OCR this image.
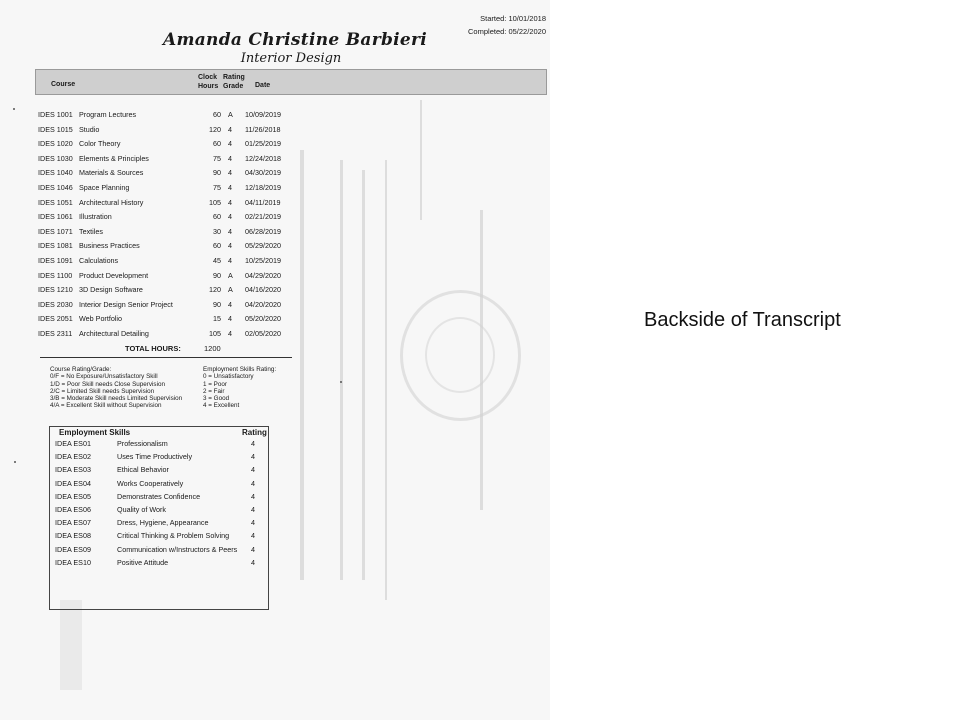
Started: 10/01/2018
Completed: 05/22/2020
Amanda Christine Barbieri
Interior Design
Course
Clock
Hours
Rating
Grade Date
IDES 1001 Program Lectures	60 A 10/09/2019
IDES 1015 Studio	120 4 11/26/2018
IDES 1020 Color Theory	60 4 01/25/2019
IDES 1030 Elements & Principles	75 4 12/24/2018
IDES 1040 Materials & Sources	90 4 04/30/2019
IDES 1046 Space Planning	75 4 12/18/2019
IDES 1051 Architectural History	105 4 04/11/2019
IDES 1061 Illustration	60 4 02/21/2019
IDES 1071 Textiles	30 4 06/28/2019
IDES 1081 Business Practices	60 4 05/29/2020
IDES 1091 Calculations	45 4 10/25/2019
IDES 1100 Product Development	90 A 04/29/2020
IDES 1210 3D Design Software	120 A 04/16/2020
IDES 2030 Interior Design Senior Project	90 4 04/20/2020
IDES 2051 Web Portfolio	15 4 05/20/2020
IDES 2311 Architectural Detailing	105 4 02/05/2020
TOTAL HOURS:	1200
Course Rating/Grade:
0/F = No Exposure/Unsatisfactory Skill
1/D = Poor Skill needs Close Supervision
2/C = Limited Skill needs Supervision
3/B = Moderate Skill needs Limited Supervision
4/A = Excellent Skill without Supervision
Employment Skills Rating:
0 = Unsatisfactory
1 = Poor
2 = Fair
3 = Good
4 = Excellent
Employment Skills	Rating
IDEA ES01	Professionalism	4
IDEA ES02	Uses Time Productively	4
IDEA ES03	Ethical Behavior	4
IDEA ES04	Works Cooperatively	4
IDEA ES05	Demonstrates Confidence	4
IDEA ES06	Quality of Work	4
IDEA ES07	Dress, Hygiene, Appearance	4
IDEA ES08	Critical Thinking & Problem Solving	4
IDEA ES09	Communication w/Instructors & Peers 4
IDEA ES10	Positive Attitude	4
Backside of Transcript
